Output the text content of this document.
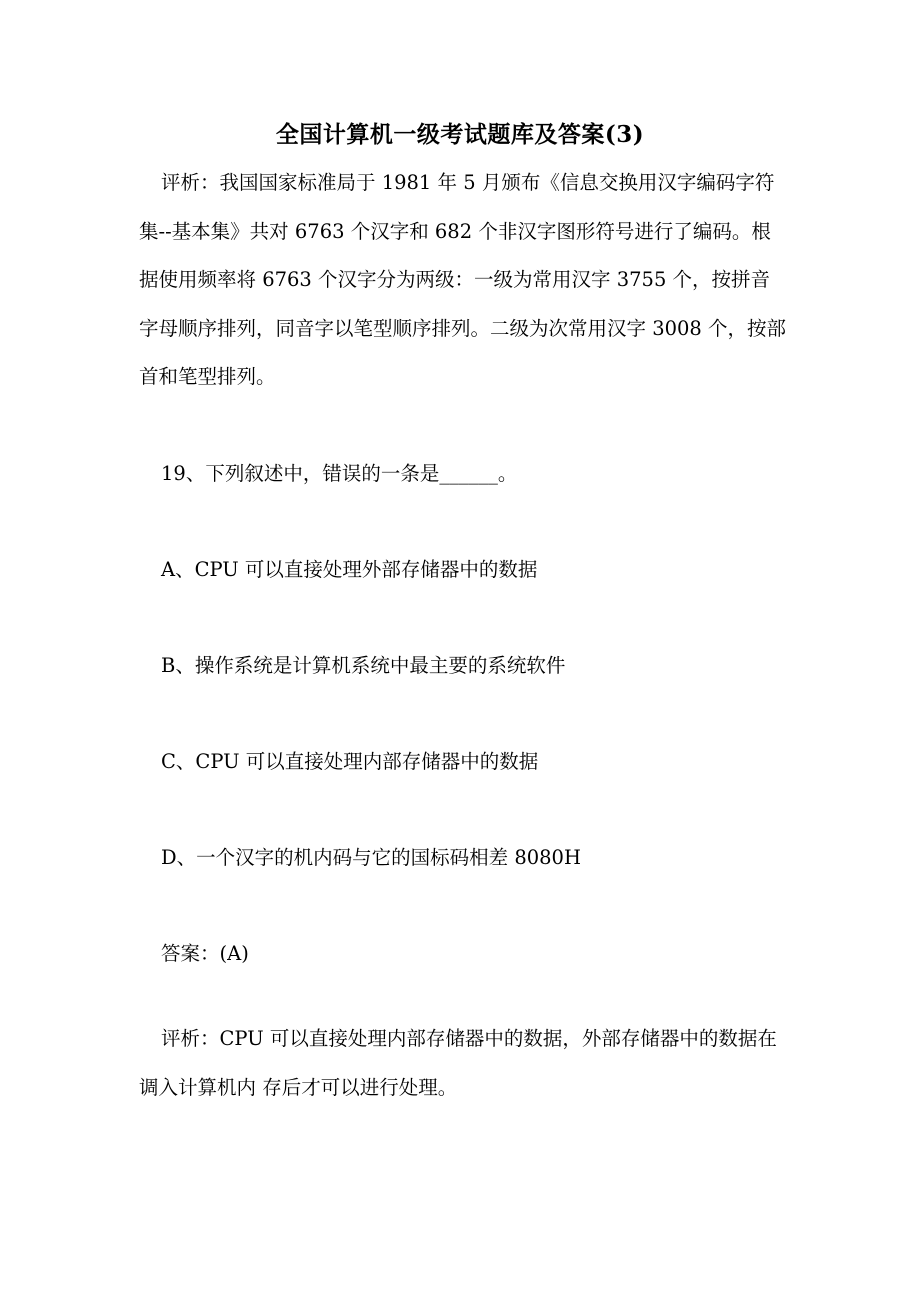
全国计算机一级考试题库及答案(3)

评析：我国国家标准局于 1981 年 5 月颁布《信息交换用汉字编码字符集--基本集》共对 6763 个汉字和 682 个非汉字图形符号进行了编码。根据使用频率将 6763 个汉字分为两级：一级为常用汉字 3755 个，按拼音字母顺序排列，同音字以笔型顺序排列。二级为次常用汉字 3008 个，按部首和笔型排列。

19、下列叙述中，错误的一条是______。
A、CPU 可以直接处理外部存储器中的数据
B、操作系统是计算机系统中最主要的系统软件
C、CPU 可以直接处理内部存储器中的数据
D、一个汉字的机内码与它的国标码相差 8080H
答案：(A)

评析：CPU 可以直接处理内部存储器中的数据，外部存储器中的数据在调入计算机内 存后才可以进行处理。
